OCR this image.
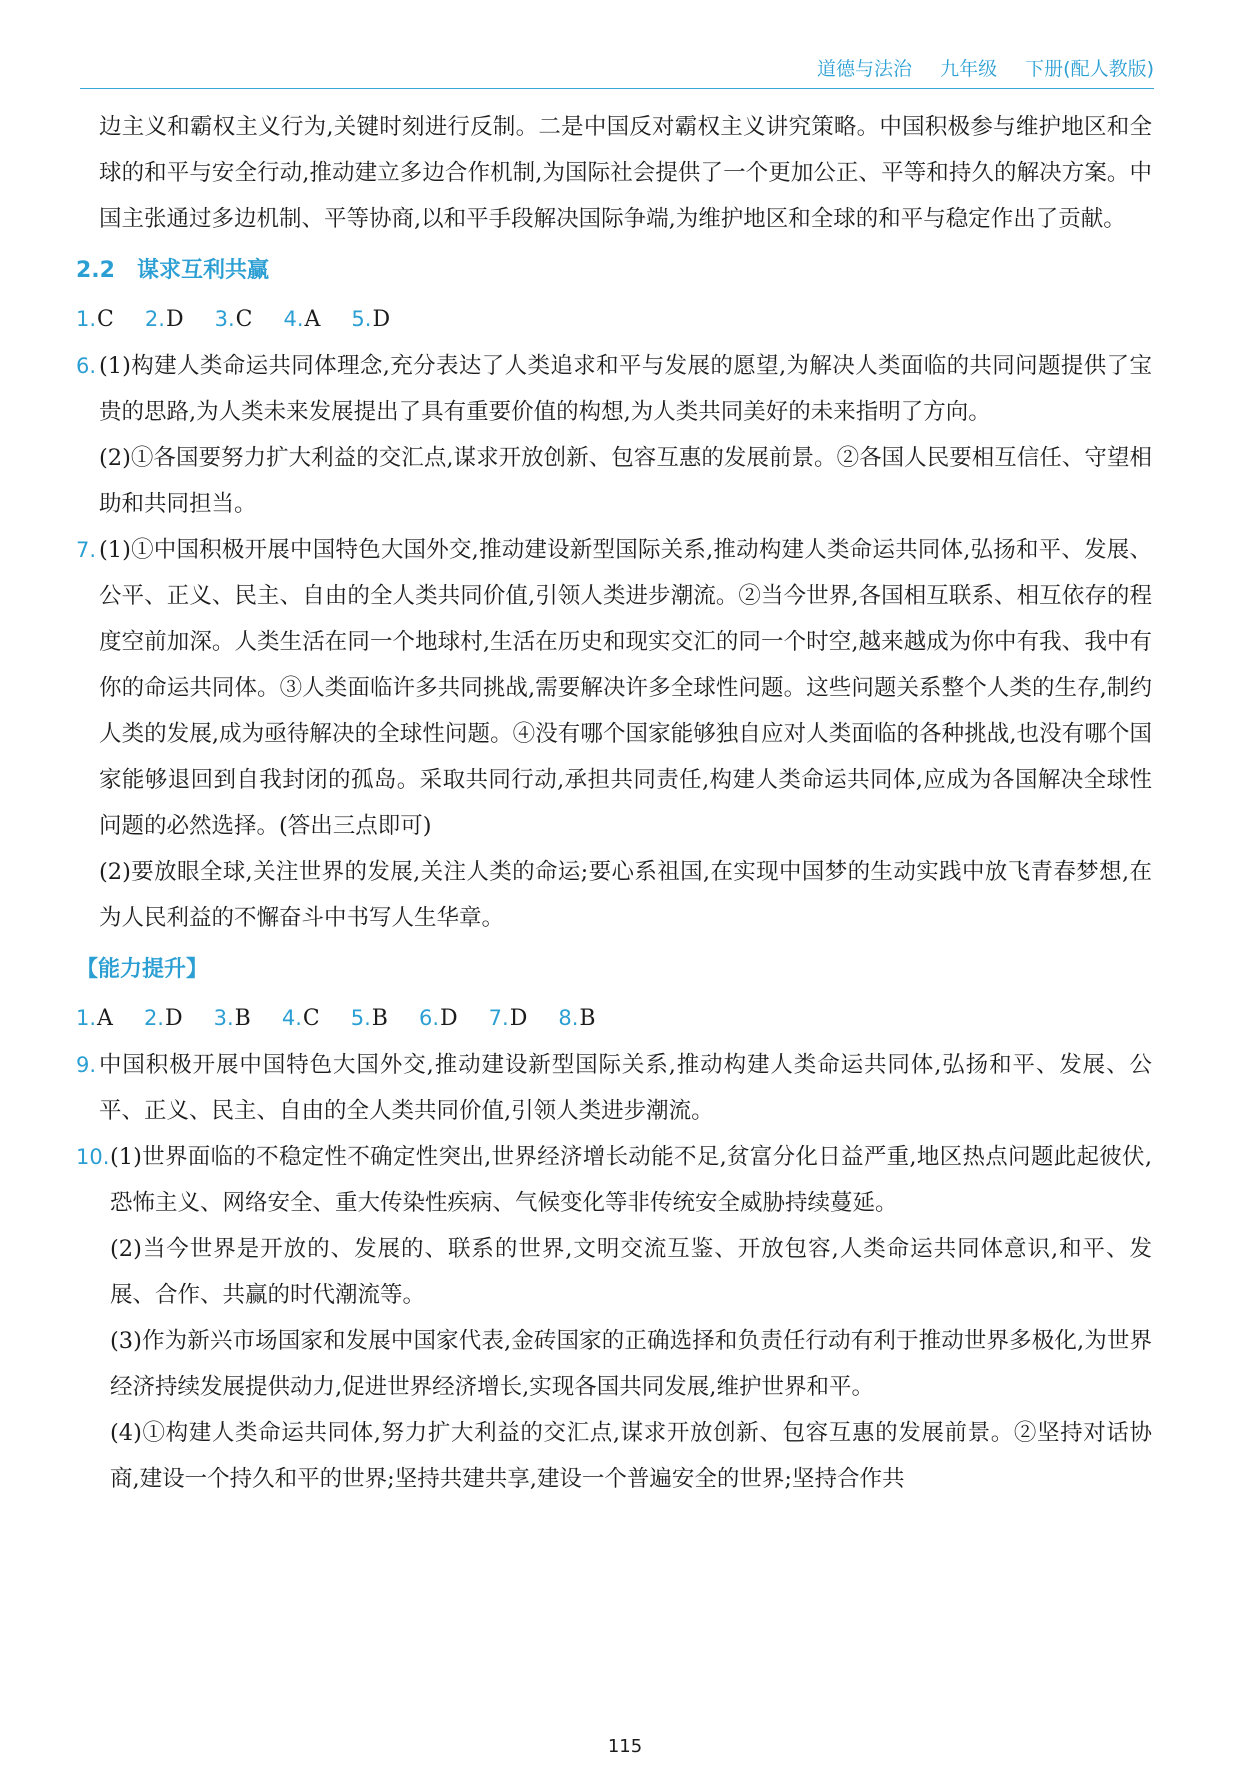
道德与法治 九年级 下册(配人教版)
边主义和霸权主义行为,关键时刻进行反制。二是中国反对霸权主义讲究策略。中国积极参与维护地区和全球的和平与安全行动,推动建立多边合作机制,为国际社会提供了一个更加公正、平等和持久的解决方案。中国主张通过多边机制、平等协商,以和平手段解决国际争端,为维护地区和全球的和平与稳定作出了贡献。
2.2 谋求互利共赢
1.C 2.D 3.C 4.A 5.D
6. (1)构建人类命运共同体理念,充分表达了人类追求和平与发展的愿望,为解决人类面临的共同问题提供了宝贵的思路,为人类未来发展提出了具有重要价值的构想,为人类共同美好的未来指明了方向。
(2)①各国要努力扩大利益的交汇点,谋求开放创新、包容互惠的发展前景。②各国人民要相互信任、守望相助和共同担当。
7. (1)①中国积极开展中国特色大国外交,推动建设新型国际关系,推动构建人类命运共同体,弘扬和平、发展、公平、正义、民主、自由的全人类共同价值,引领人类进步潮流。②当今世界,各国相互联系、相互依存的程度空前加深。人类生活在同一个地球村,生活在历史和现实交汇的同一个时空,越来越成为你中有我、我中有你的命运共同体。③人类面临许多共同挑战,需要解决许多全球性问题。这些问题关系整个人类的生存,制约人类的发展,成为亟待解决的全球性问题。④没有哪个国家能够独自应对人类面临的各种挑战,也没有哪个国家能够退回到自我封闭的孤岛。采取共同行动,承担共同责任,构建人类命运共同体,应成为各国解决全球性问题的必然选择。(答出三点即可)
(2)要放眼全球,关注世界的发展,关注人类的命运;要心系祖国,在实现中国梦的生动实践中放飞青春梦想,在为人民利益的不懈奋斗中书写人生华章。
【能力提升】
1.A 2.D 3.B 4.C 5.B 6.D 7.D 8.B
9. 中国积极开展中国特色大国外交,推动建设新型国际关系,推动构建人类命运共同体,弘扬和平、发展、公平、正义、民主、自由的全人类共同价值,引领人类进步潮流。
10. (1)世界面临的不稳定性不确定性突出,世界经济增长动能不足,贫富分化日益严重,地区热点问题此起彼伏,恐怖主义、网络安全、重大传染性疾病、气候变化等非传统安全威胁持续蔓延。
(2)当今世界是开放的、发展的、联系的世界,文明交流互鉴、开放包容,人类命运共同体意识,和平、发展、合作、共赢的时代潮流等。
(3)作为新兴市场国家和发展中国家代表,金砖国家的正确选择和负责任行动有利于推动世界多极化,为世界经济持续发展提供动力,促进世界经济增长,实现各国共同发展,维护世界和平。
(4)①构建人类命运共同体,努力扩大利益的交汇点,谋求开放创新、包容互惠的发展前景。②坚持对话协商,建设一个持久和平的世界;坚持共建共享,建设一个普遍安全的世界;坚持合作共
115
